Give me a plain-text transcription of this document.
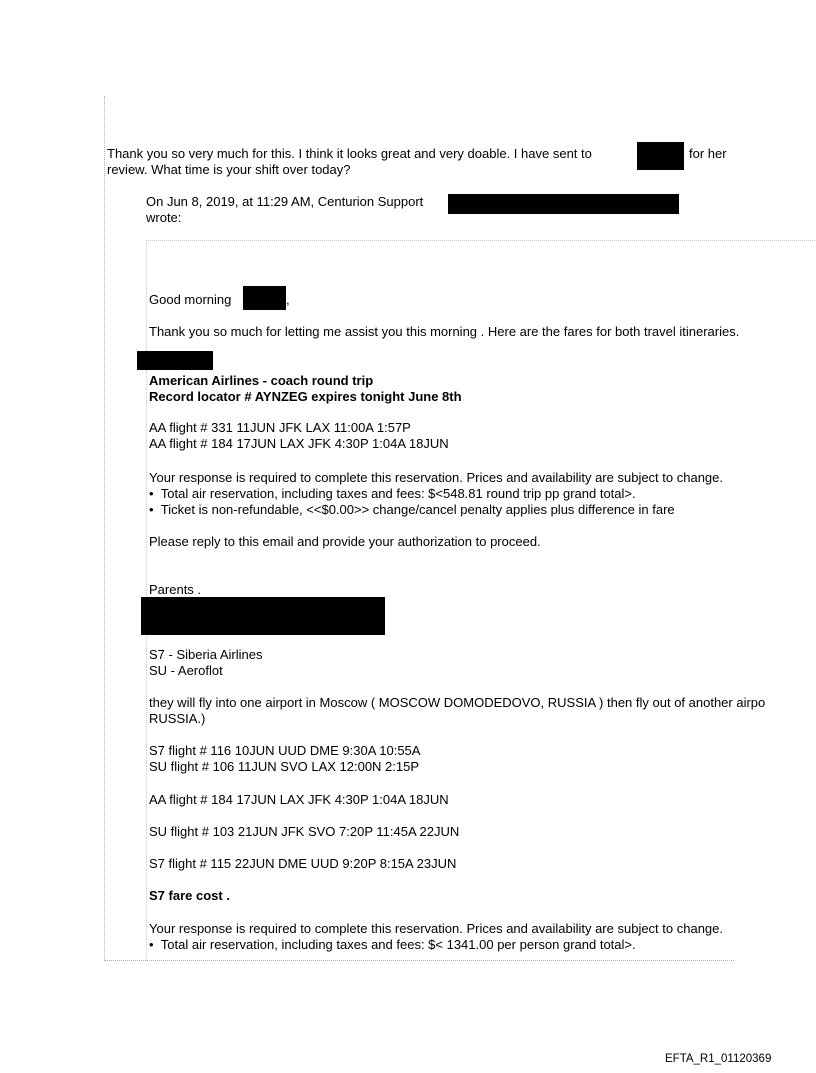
Thank you so very much for this. I think it looks great and very doable. I have sent to	for her
review. What time is your shift over today?
On Jun 8, 2019, at 11:29 AM, Centurion Support
wrote:
Good morning	,
Thank you so much for letting me assist you this morning . Here are the fares for both travel itineraries.
American Airlines - coach round trip
Record locator # AYNZEG expires tonight June 8th
AA flight # 331 11JUN JFK LAX 11:00A 1:57P
AA flight # 184 17JUN LAX JFK 4:30P 1:04A 18JUN
Your response is required to complete this reservation. Prices and availability are subject to change.
• Total air reservation, including taxes and fees: $<548.81 round trip pp grand total>.
• Ticket is non-refundable, <<$0.00>> change/cancel penalty applies plus difference in fare
Please reply to this email and provide your authorization to proceed.
Parents .
S7 - Siberia Airlines
SU - Aeroflot
they will fly into one airport in Moscow ( MOSCOW DOMODEDOVO, RUSSIA ) then fly out of another airpo
RUSSIA.)
S7 flight # 116 10JUN UUD DME 9:30A 10:55A
SU flight # 106 11JUN SVO LAX 12:00N 2:15P
AA flight # 184 17JUN LAX JFK 4:30P 1:04A 18JUN
SU flight # 103 21JUN JFK SVO 7:20P 11:45A 22JUN
S7 flight # 115 22JUN DME UUD 9:20P 8:15A 23JUN
S7 fare cost .
Your response is required to complete this reservation. Prices and availability are subject to change.
• Total air reservation, including taxes and fees: $< 1341.00 per person grand total>.
EFTA_R1_01120369
